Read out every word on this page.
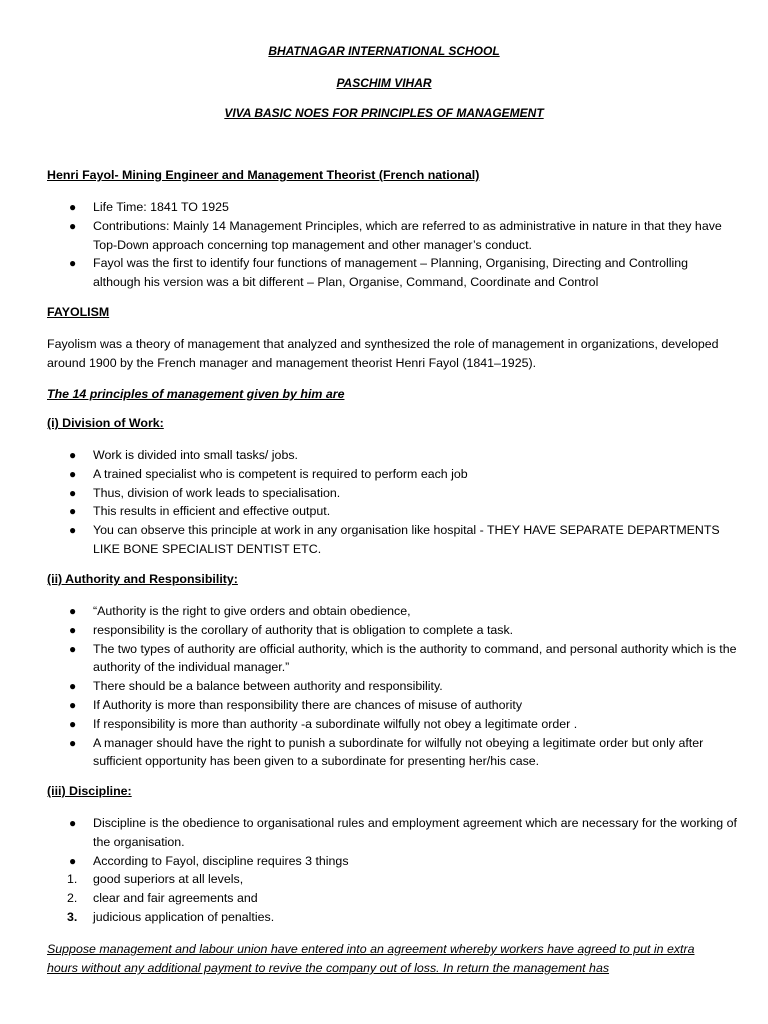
BHATNAGAR INTERNATIONAL SCHOOL
PASCHIM VIHAR
VIVA BASIC NOES FOR PRINCIPLES OF MANAGEMENT
Henri Fayol- Mining Engineer and Management Theorist (French national)
● Life Time: 1841 TO 1925
● Contributions: Mainly 14 Management Principles, which are referred to as administrative in nature in that they have Top-Down approach concerning top management and other manager’s conduct.
● Fayol was the first to identify four functions of management – Planning, Organising, Directing and Controlling although his version was a bit different – Plan, Organise, Command, Coordinate and Control
FAYOLISM
Fayolism was a theory of management that analyzed and synthesized the role of management in organizations, developed around 1900 by the French manager and management theorist Henri Fayol (1841–1925).
The 14 principles of management given by him are
(i) Division of Work:
● Work is divided into small tasks/ jobs.
● A trained specialist who is competent is required to perform each job
● Thus, division of work leads to specialisation.
● This results in efficient and effective output.
● You can observe this principle at work in any organisation like hospital - THEY HAVE SEPARATE DEPARTMENTS LIKE BONE SPECIALIST DENTIST ETC.
(ii) Authority and Responsibility:
● “Authority is the right to give orders and obtain obedience,
● responsibility is the corollary of authority that is obligation to complete a task.
● The two types of authority are official authority, which is the authority to command, and personal authority which is the authority of the individual manager.”
● There should be a balance between authority and responsibility.
● If Authority is more than responsibility there are chances of misuse of authority
● If responsibility is more than authority -a subordinate wilfully not obey a legitimate order .
● A manager should have the right to punish a subordinate for wilfully not obeying a legitimate order but only after sufficient opportunity has been given to a subordinate for presenting her/his case.
(iii) Discipline:
● Discipline is the obedience to organisational rules and employment agreement which are necessary for the working of the organisation.
● According to Fayol, discipline requires 3 things
1. good superiors at all levels,
2. clear and fair agreements and
3. judicious application of penalties.
Suppose management and labour union have entered into an agreement whereby workers have agreed to put in extra hours without any additional payment to revive the company out of loss. In return the management has
